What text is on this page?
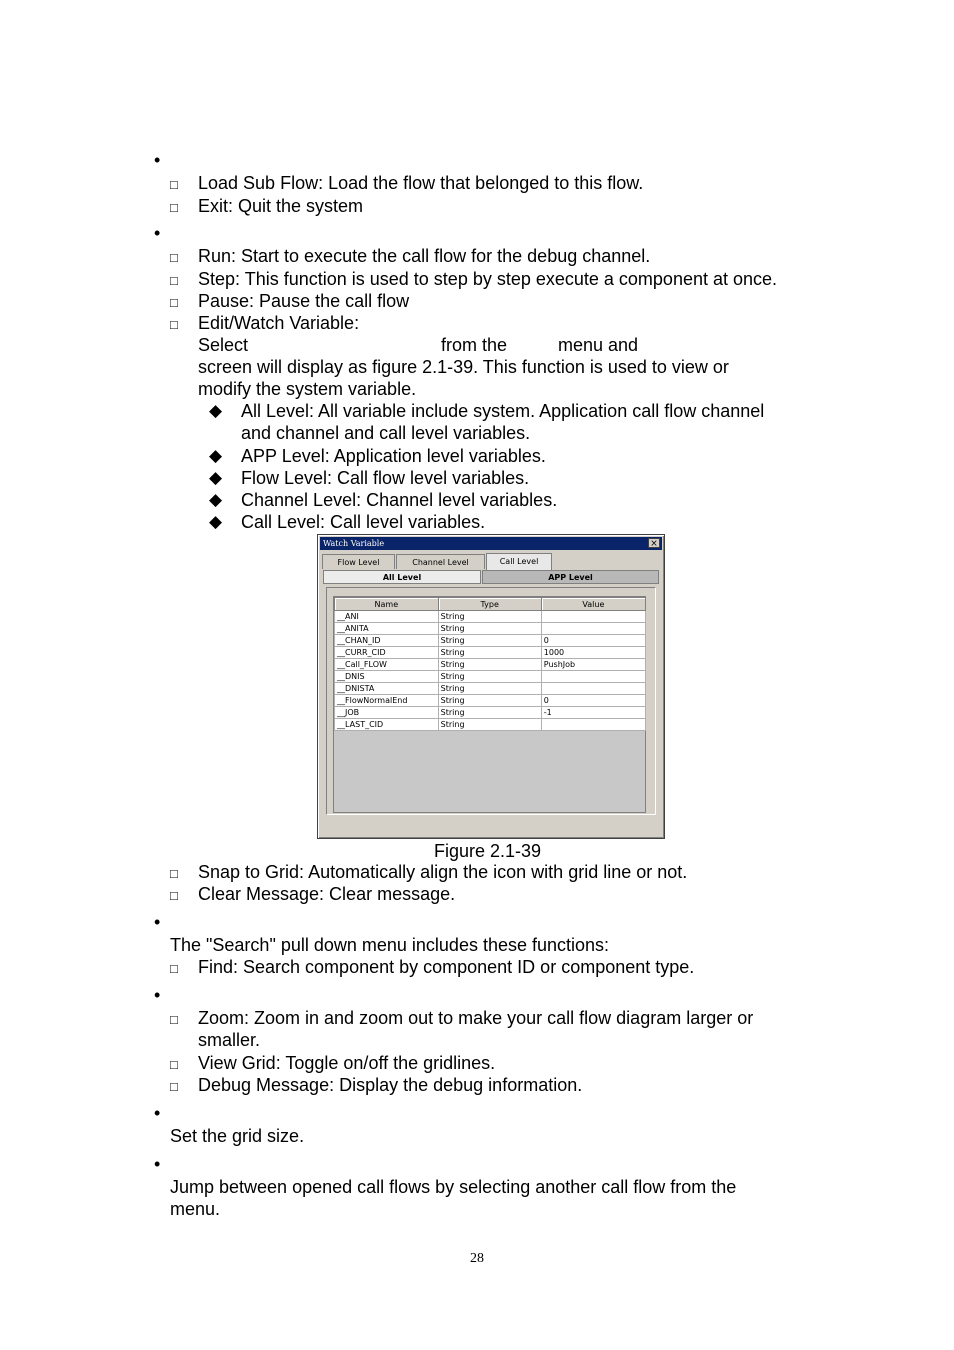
•
□ Load Sub Flow: Load the flow that belonged to this flow.
□ Exit: Quit the system
•
□ Run: Start to execute the call flow for the debug channel.
□ Step: This function is used to step by step execute a component at once.
□ Pause: Pause the call flow
□ Edit/Watch Variable:
Select	from the	menu and
screen will display as figure 2.1-39. This function is used to view or
modify the system variable.
◆ All Level: All variable include system. Application call flow channel
and channel and call level variables.
◆ APP Level: Application level variables.
◆ Flow Level: Call flow level variables.
◆ Channel Level: Channel level variables.
◆ Call Level: Call level variables.
Watch Variable	×
Flow Level	Channel Level	Call Level
All Level	APP Level
Name	Type	Value
__ANI	String	
__ANITA	String	
__CHAN_ID	String	0
__CURR_CID	String	1000
__Call_FLOW	String	PushJob
__DNIS	String	
__DNISTA	String	
__FlowNormalEnd	String	0
__JOB	String	-1
__LAST_CID	String	
Figure 2.1-39
□ Snap to Grid: Automatically align the icon with grid line or not.
□ Clear Message: Clear message.
•
The "Search" pull down menu includes these functions:
□ Find: Search component by component ID or component type.
•
□ Zoom: Zoom in and zoom out to make your call flow diagram larger or
smaller.
□ View Grid: Toggle on/off the gridlines.
□ Debug Message: Display the debug information.
•
Set the grid size.
•
Jump between opened call flows by selecting another call flow from the
menu.
28
